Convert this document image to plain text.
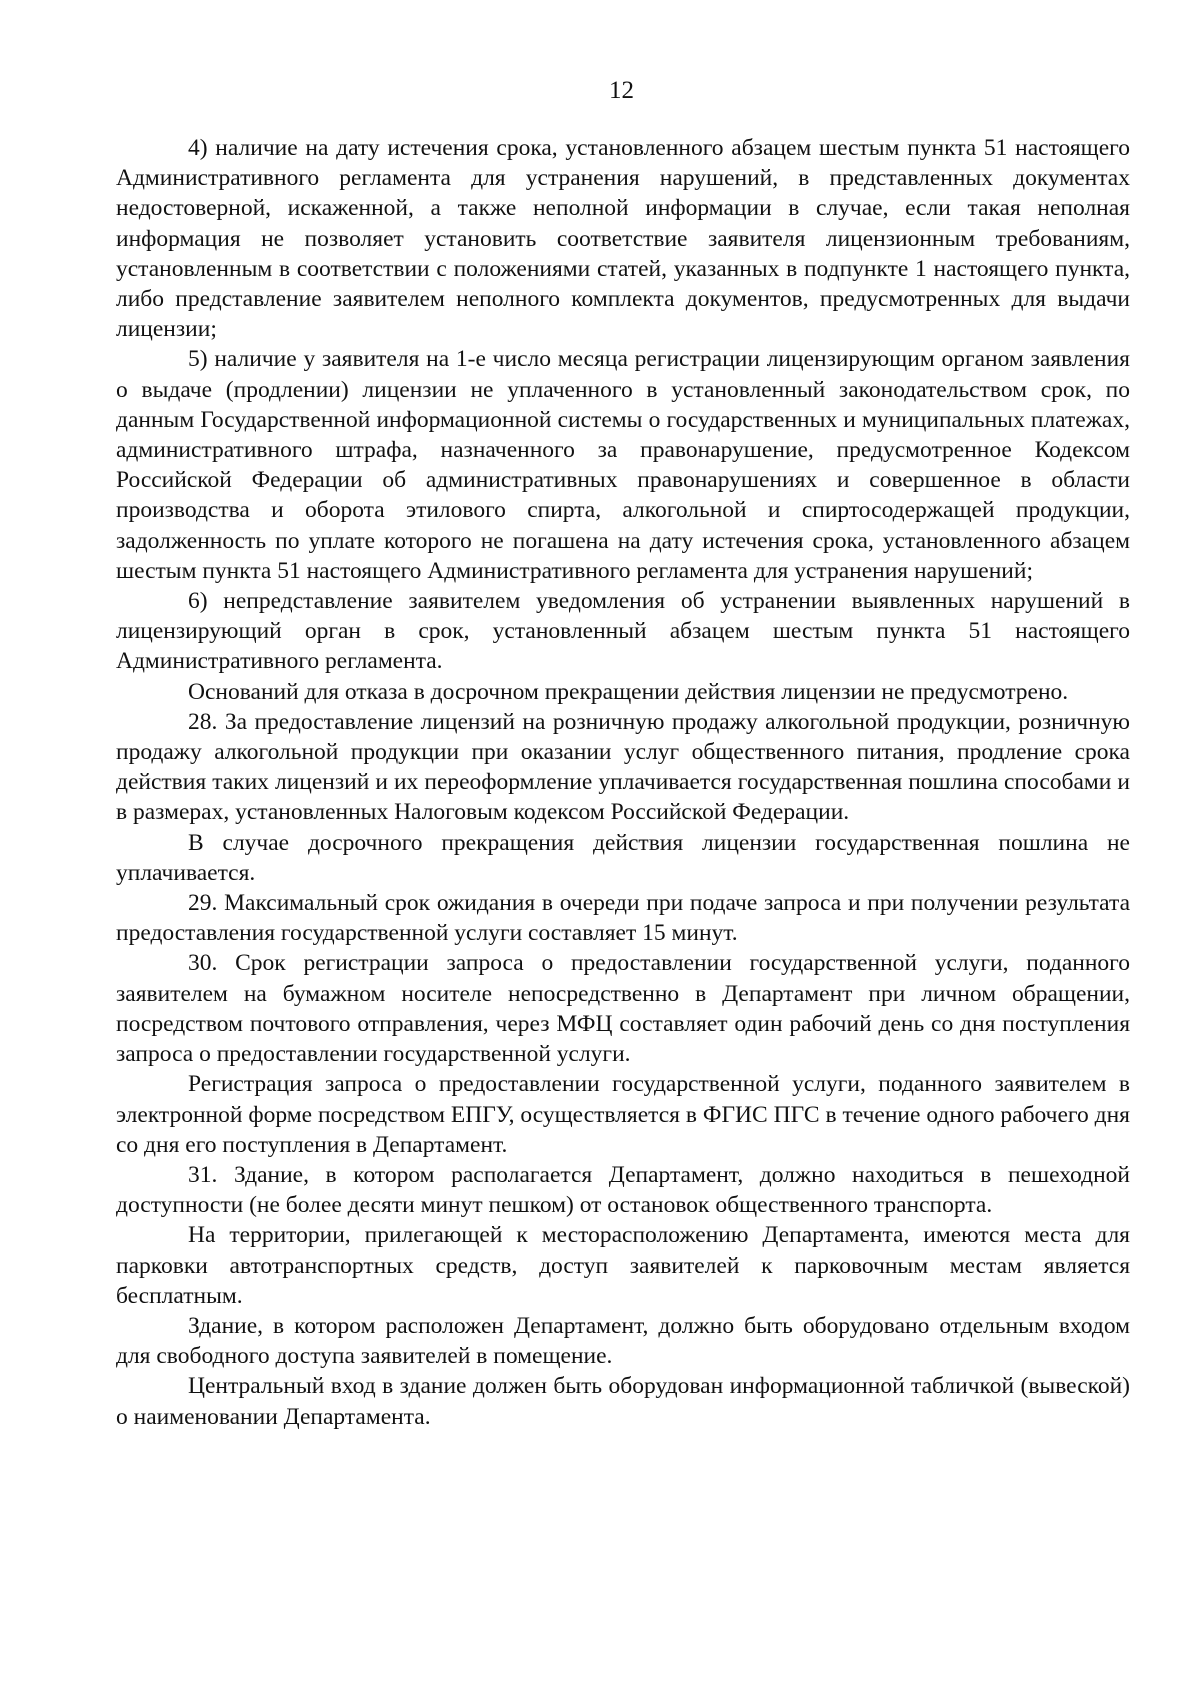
12

4) наличие на дату истечения срока, установленного абзацем шестым пункта 51 настоящего Административного регламента для устранения нарушений, в представленных документах недостоверной, искаженной, а также неполной информации в случае, если такая неполная информация не позволяет установить соответствие заявителя лицензионным требованиям, установленным в соответствии с положениями статей, указанных в подпункте 1 настоящего пункта, либо представление заявителем неполного комплекта документов, предусмотренных для выдачи лицензии;

5) наличие у заявителя на 1-е число месяца регистрации лицензирующим органом заявления о выдаче (продлении) лицензии не уплаченного в установленный законодательством срок, по данным Государственной информационной системы о государственных и муниципальных платежах, административного штрафа, назначенного за правонарушение, предусмотренное Кодексом Российской Федерации об административных правонарушениях и совершенное в области производства и оборота этилового спирта, алкогольной и спиртосодержащей продукции, задолженность по уплате которого не погашена на дату истечения срока, установленного абзацем шестым пункта 51 настоящего Административного регламента для устранения нарушений;

6) непредставление заявителем уведомления об устранении выявленных нарушений в лицензирующий орган в срок, установленный абзацем шестым пункта 51 настоящего Административного регламента.

Оснований для отказа в досрочном прекращении действия лицензии не предусмотрено.

28. За предоставление лицензий на розничную продажу алкогольной продукции, розничную продажу алкогольной продукции при оказании услуг общественного питания, продление срока действия таких лицензий и их переоформление уплачивается государственная пошлина способами и в размерах, установленных Налоговым кодексом Российской Федерации.

В случае досрочного прекращения действия лицензии государственная пошлина не уплачивается.

29. Максимальный срок ожидания в очереди при подаче запроса и при получении результата предоставления государственной услуги составляет 15 минут.

30. Срок регистрации запроса о предоставлении государственной услуги, поданного заявителем на бумажном носителе непосредственно в Департамент при личном обращении, посредством почтового отправления, через МФЦ составляет один рабочий день со дня поступления запроса о предоставлении государственной услуги.

Регистрация запроса о предоставлении государственной услуги, поданного заявителем в электронной форме посредством ЕПГУ, осуществляется в ФГИС ПГС в течение одного рабочего дня со дня его поступления в Департамент.

31. Здание, в котором располагается Департамент, должно находиться в пешеходной доступности (не более десяти минут пешком) от остановок общественного транспорта.

На территории, прилегающей к месторасположению Департамента, имеются места для парковки автотранспортных средств, доступ заявителей к парковочным местам является бесплатным.

Здание, в котором расположен Департамент, должно быть оборудовано отдельным входом для свободного доступа заявителей в помещение.

Центральный вход в здание должен быть оборудован информационной табличкой (вывеской) о наименовании Департамента.
